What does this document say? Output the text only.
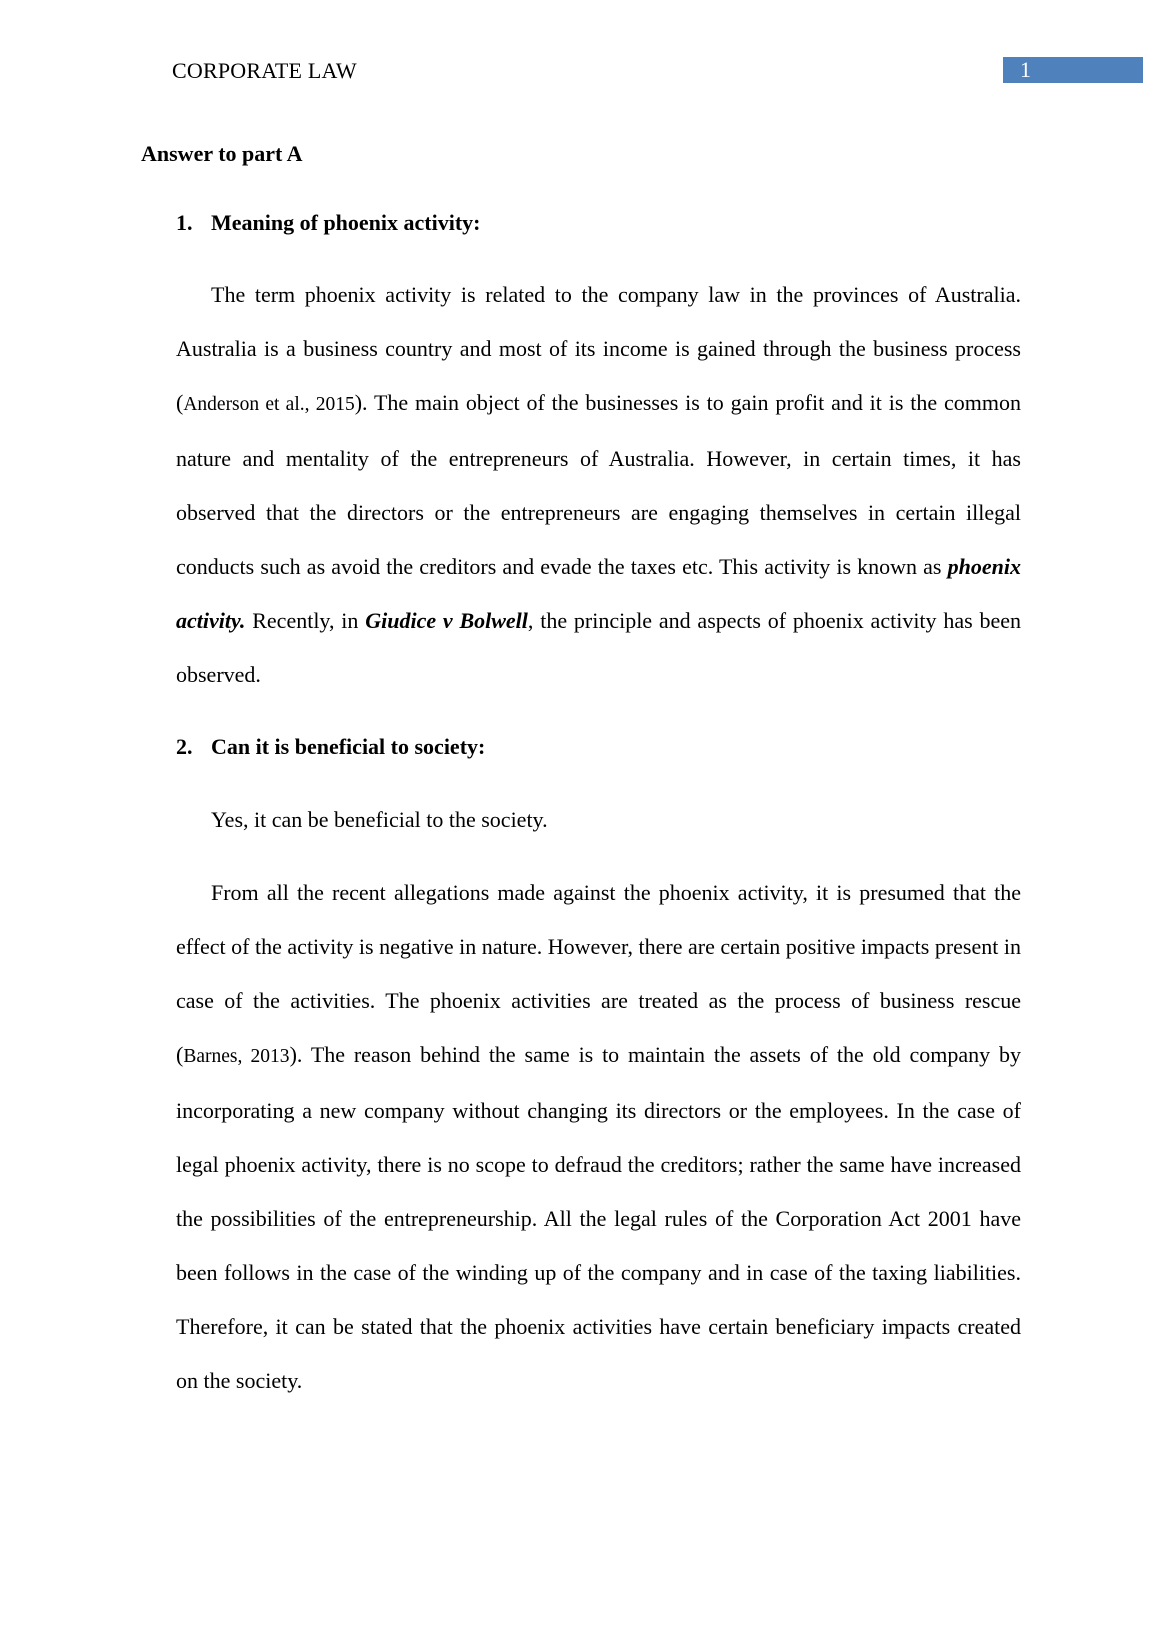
CORPORATE LAW	1
Answer to part A
1. Meaning of phoenix activity:

The term phoenix activity is related to the company law in the provinces of Australia. Australia is a business country and most of its income is gained through the business process (Anderson et al., 2015). The main object of the businesses is to gain profit and it is the common nature and mentality of the entrepreneurs of Australia. However, in certain times, it has observed that the directors or the entrepreneurs are engaging themselves in certain illegal conducts such as avoid the creditors and evade the taxes etc. This activity is known as phoenix activity. Recently, in Giudice v Bolwell, the principle and aspects of phoenix activity has been observed.

2. Can it is beneficial to society:
Yes, it can be beneficial to the society.

From all the recent allegations made against the phoenix activity, it is presumed that the effect of the activity is negative in nature. However, there are certain positive impacts present in case of the activities. The phoenix activities are treated as the process of business rescue (Barnes, 2013). The reason behind the same is to maintain the assets of the old company by incorporating a new company without changing its directors or the employees. In the case of legal phoenix activity, there is no scope to defraud the creditors; rather the same have increased the possibilities of the entrepreneurship. All the legal rules of the Corporation Act 2001 have been follows in the case of the winding up of the company and in case of the taxing liabilities. Therefore, it can be stated that the phoenix activities have certain beneficiary impacts created on the society.
